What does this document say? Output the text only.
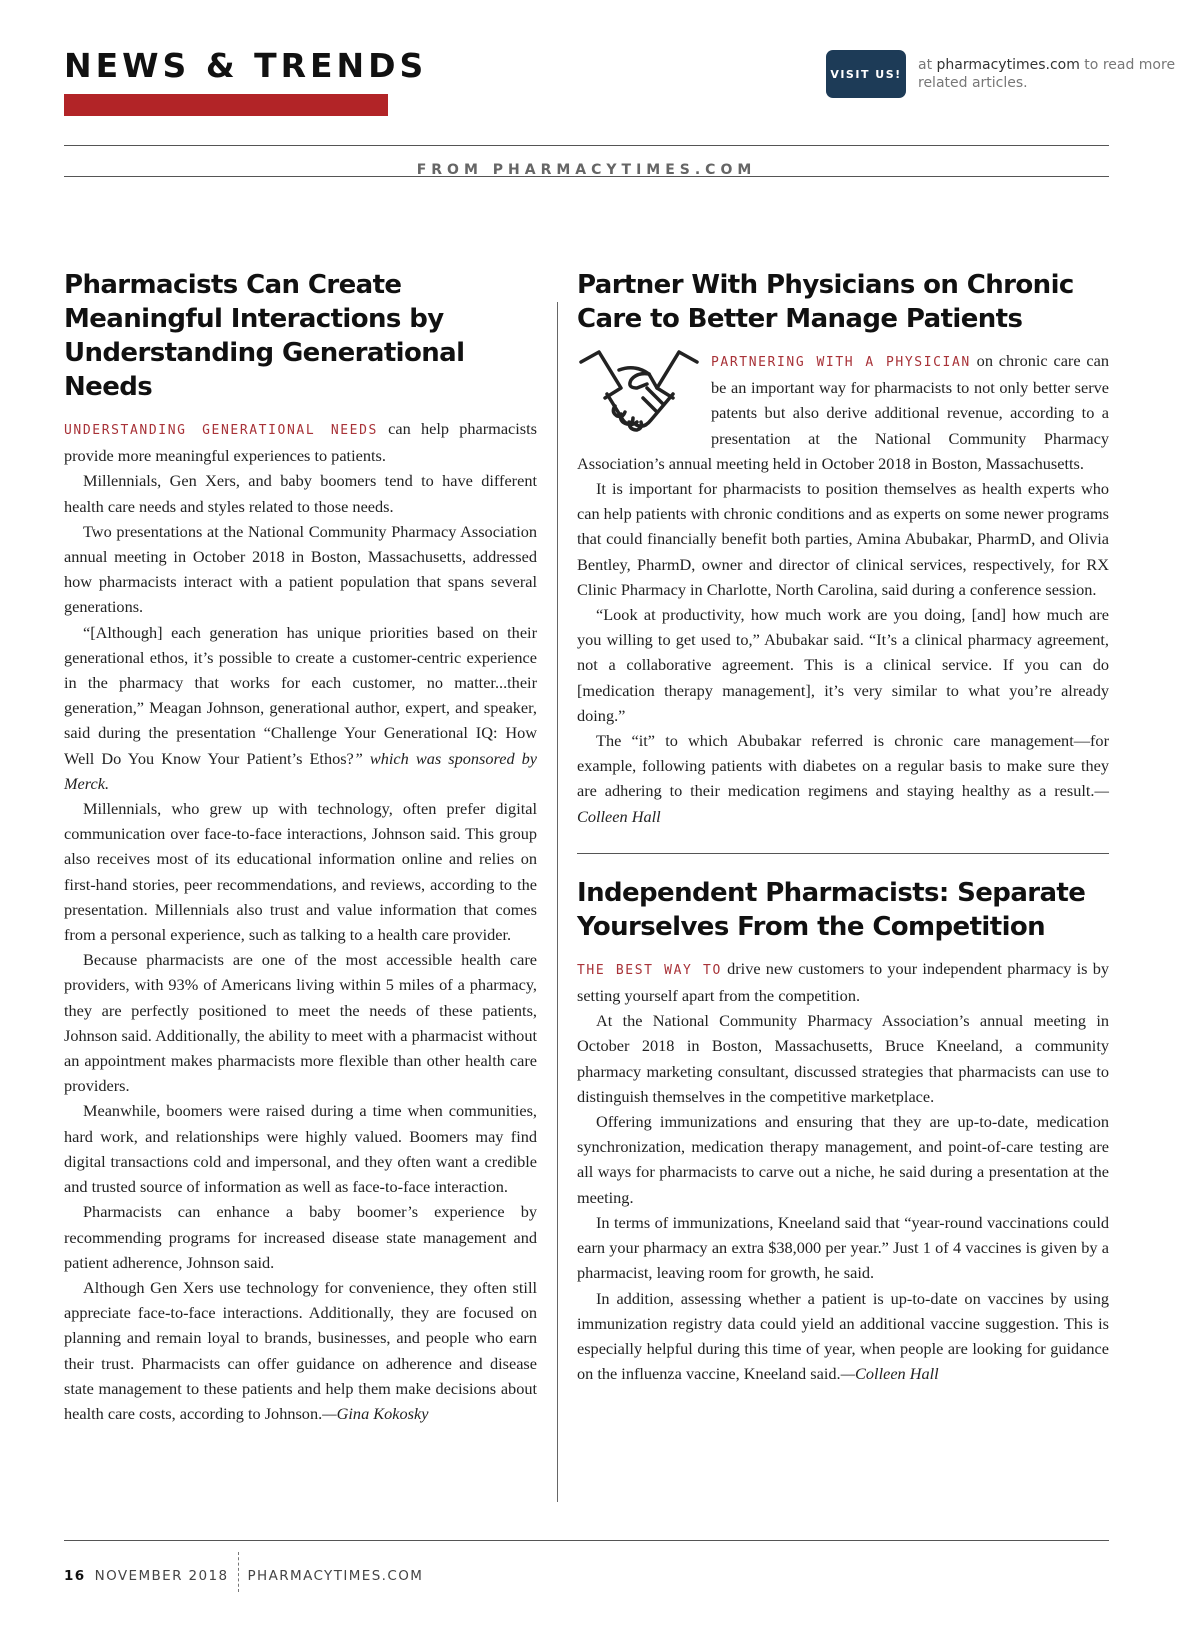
NEWS & TRENDS	VISIT US!
at pharmacytimes.com to read more related articles.
FROM PHARMACYTIMES.COM
Pharmacists Can Create Meaningful Interactions by Understanding Generational Needs

UNDERSTANDING GENERATIONAL NEEDS can help pharmacists provide more meaningful experiences to patients.

Millennials, Gen Xers, and baby boomers tend to have different health care needs and styles related to those needs.

Two presentations at the National Community Pharmacy Association annual meeting in October 2018 in Boston, Massachusetts, addressed how pharmacists interact with a patient population that spans several generations.

“[Although] each generation has unique priorities based on their generational ethos, it’s possible to create a customer-centric experience in the pharmacy that works for each customer, no matter...their generation,” Meagan Johnson, generational author, expert, and speaker, said during the presentation “Challenge Your Generational IQ: How Well Do You Know Your Patient’s Ethos?” which was sponsored by Merck.

Millennials, who grew up with technology, often prefer digital communication over face-to-face interactions, Johnson said. This group also receives most of its educational information online and relies on first-hand stories, peer recommendations, and reviews, according to the presentation. Millennials also trust and value information that comes from a personal experience, such as talking to a health care provider.

Because pharmacists are one of the most accessible health care providers, with 93% of Americans living within 5 miles of a pharmacy, they are perfectly positioned to meet the needs of these patients, Johnson said. Additionally, the ability to meet with a pharmacist without an appointment makes pharmacists more flexible than other health care providers.

Meanwhile, boomers were raised during a time when communities, hard work, and relationships were highly valued. Boomers may find digital transactions cold and impersonal, and they often want a credible and trusted source of information as well as face-to-face interaction.

Pharmacists can enhance a baby boomer’s experience by recommending programs for increased disease state management and patient adherence, Johnson said.

Although Gen Xers use technology for convenience, they often still appreciate face-to-face interactions. Additionally, they are focused on planning and remain loyal to brands, businesses, and people who earn their trust. Pharmacists can offer guidance on adherence and disease state management to these patients and help them make decisions about health care costs, according to Johnson.—Gina Kokosky

Partner With Physicians on Chronic Care to Better Manage Patients

PARTNERING WITH A PHYSICIAN on chronic care can be an important way for pharmacists to not only better serve patents but also derive additional revenue, according to a presentation at the National Community Pharmacy Association’s annual meeting held in October 2018 in Boston, Massachusetts.

It is important for pharmacists to position themselves as health experts who can help patients with chronic conditions and as experts on some newer programs that could financially benefit both parties, Amina Abubakar, PharmD, and Olivia Bentley, PharmD, owner and director of clinical services, respectively, for RX Clinic Pharmacy in Charlotte, North Carolina, said during a conference session.

“Look at productivity, how much work are you doing, [and] how much are you willing to get used to,” Abubakar said. “It’s a clinical pharmacy agreement, not a collaborative agreement. This is a clinical service. If you can do [medication therapy management], it’s very similar to what you’re already doing.”

The “it” to which Abubakar referred is chronic care management—for example, following patients with diabetes on a regular basis to make sure they are adhering to their medication regimens and staying healthy as a result.—Colleen Hall

Independent Pharmacists: Separate Yourselves From the Competition

THE BEST WAY TO drive new customers to your independent pharmacy is by setting yourself apart from the competition.

At the National Community Pharmacy Association’s annual meeting in October 2018 in Boston, Massachusetts, Bruce Kneeland, a community pharmacy marketing consultant, discussed strategies that pharmacists can use to distinguish themselves in the competitive marketplace.

Offering immunizations and ensuring that they are up-to-date, medication synchronization, medication therapy management, and point-of-care testing are all ways for pharmacists to carve out a niche, he said during a presentation at the meeting.

In terms of immunizations, Kneeland said that “year-round vaccinations could earn your pharmacy an extra $38,000 per year.” Just 1 of 4 vaccines is given by a pharmacist, leaving room for growth, he said.

In addition, assessing whether a patient is up-to-date on vaccines by using immunization registry data could yield an additional vaccine suggestion. This is especially helpful during this time of year, when people are looking for guidance on the influenza vaccine, Kneeland said.—Colleen Hall

16 NOVEMBER 2018 PHARMACYTIMES.COM
